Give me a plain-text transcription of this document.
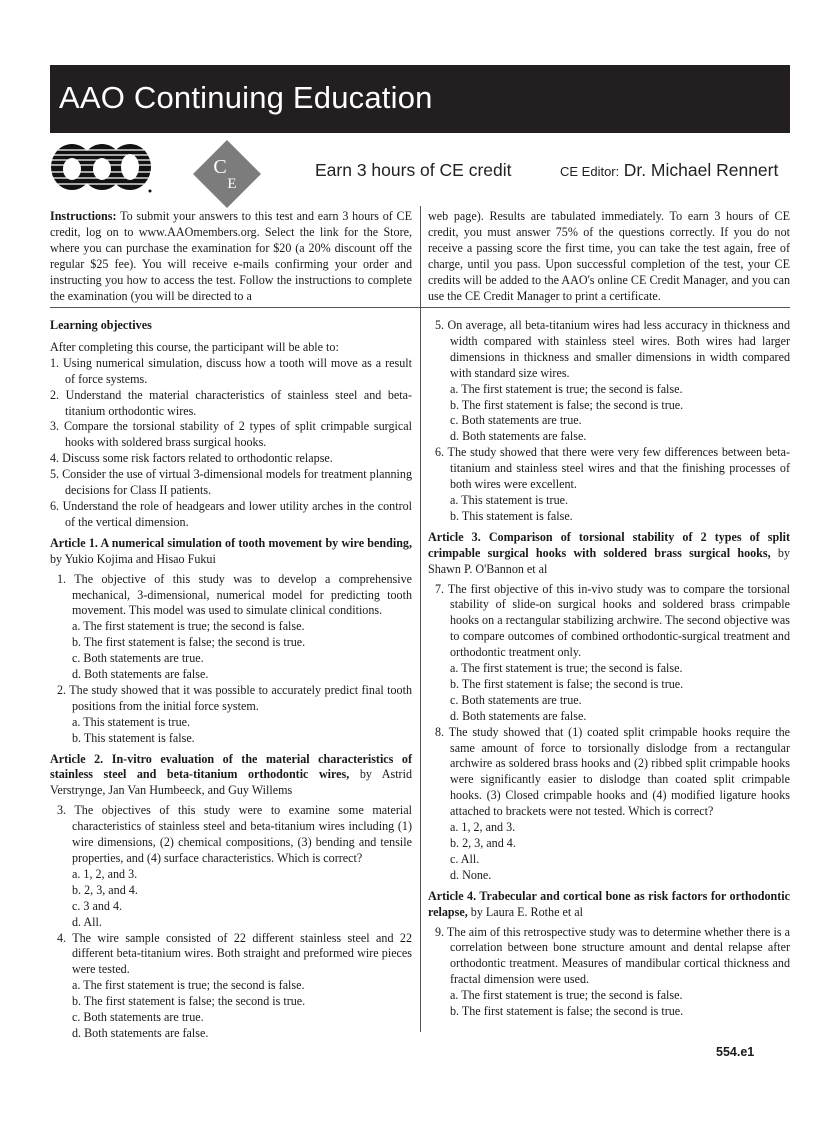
AAO Continuing Education
C
E
Earn 3 hours of CE credit	CE Editor: Dr. Michael Rennert
Instructions: To submit your answers to this test and earn 3 hours of CE credit, log on to www.AAOmembers.org. Select the link for the Store, where you can purchase the examination for $20 (a 20% discount off the regular $25 fee). You will receive e-mails confirming your order and instructing you how to access the test. Follow the instructions to complete the examination (you will be directed to a
web page). Results are tabulated immediately. To earn 3 hours of CE credit, you must answer 75% of the questions correctly. If you do not receive a passing score the first time, you can take the test again, free of charge, until you pass. Upon successful completion of the test, your CE credits will be added to the AAO's online CE Credit Manager, and you can use the CE Credit Manager to print a certificate.
Learning objectives
After completing this course, the participant will be able to:
1. Using numerical simulation, discuss how a tooth will move as a result of force systems.
2. Understand the material characteristics of stainless steel and beta-titanium orthodontic wires.
3. Compare the torsional stability of 2 types of split crimpable surgical hooks with soldered brass surgical hooks.
4. Discuss some risk factors related to orthodontic relapse.
5. Consider the use of virtual 3-dimensional models for treatment planning decisions for Class II patients.
6. Understand the role of headgears and lower utility arches in the control of the vertical dimension.
Article 1. A numerical simulation of tooth movement by wire bending, by Yukio Kojima and Hisao Fukui
1. The objective of this study was to develop a comprehensive mechanical, 3-dimensional, numerical model for predicting tooth movement. This model was used to simulate clinical conditions.
a. The first statement is true; the second is false.
b. The first statement is false; the second is true.
c. Both statements are true.
d. Both statements are false.
2. The study showed that it was possible to accurately predict final tooth positions from the initial force system.
a. This statement is true.
b. This statement is false.
Article 2. In-vitro evaluation of the material characteristics of stainless steel and beta-titanium orthodontic wires, by Astrid Verstrynge, Jan Van Humbeeck, and Guy Willems
3. The objectives of this study were to examine some material characteristics of stainless steel and beta-titanium wires including (1) wire dimensions, (2) chemical compositions, (3) bending and tensile properties, and (4) surface characteristics. Which is correct?
a. 1, 2, and 3.
b. 2, 3, and 4.
c. 3 and 4.
d. All.
4. The wire sample consisted of 22 different stainless steel and 22 different beta-titanium wires. Both straight and preformed wire pieces were tested.
a. The first statement is true; the second is false.
b. The first statement is false; the second is true.
c. Both statements are true.
d. Both statements are false.
5. On average, all beta-titanium wires had less accuracy in thickness and width compared with stainless steel wires. Both wires had larger dimensions in thickness and smaller dimensions in width compared with standard size wires.
a. The first statement is true; the second is false.
b. The first statement is false; the second is true.
c. Both statements are true.
d. Both statements are false.
6. The study showed that there were very few differences between beta-titanium and stainless steel wires and that the finishing processes of both wires were excellent.
a. This statement is true.
b. This statement is false.
Article 3. Comparison of torsional stability of 2 types of split crimpable surgical hooks with soldered brass surgical hooks, by Shawn P. O'Bannon et al
7. The first objective of this in-vivo study was to compare the torsional stability of slide-on surgical hooks and soldered brass crimpable hooks on a rectangular stabilizing archwire. The second objective was to compare outcomes of combined orthodontic-surgical treatment and orthodontic treatment only.
a. The first statement is true; the second is false.
b. The first statement is false; the second is true.
c. Both statements are true.
d. Both statements are false.
8. The study showed that (1) coated split crimpable hooks require the same amount of force to torsionally dislodge from a rectangular archwire as soldered brass hooks and (2) ribbed split crimpable hooks were significantly easier to dislodge than coated split crimpable hooks. (3) Closed crimpable hooks and (4) modified ligature hooks attached to brackets were not tested. Which is correct?
a. 1, 2, and 3.
b. 2, 3, and 4.
c. All.
d. None.
Article 4. Trabecular and cortical bone as risk factors for orthodontic relapse, by Laura E. Rothe et al
9. The aim of this retrospective study was to determine whether there is a correlation between bone structure amount and dental relapse after orthodontic treatment. Measures of mandibular cortical thickness and fractal dimension were used.
a. The first statement is true; the second is false.
b. The first statement is false; the second is true.
554.e1
